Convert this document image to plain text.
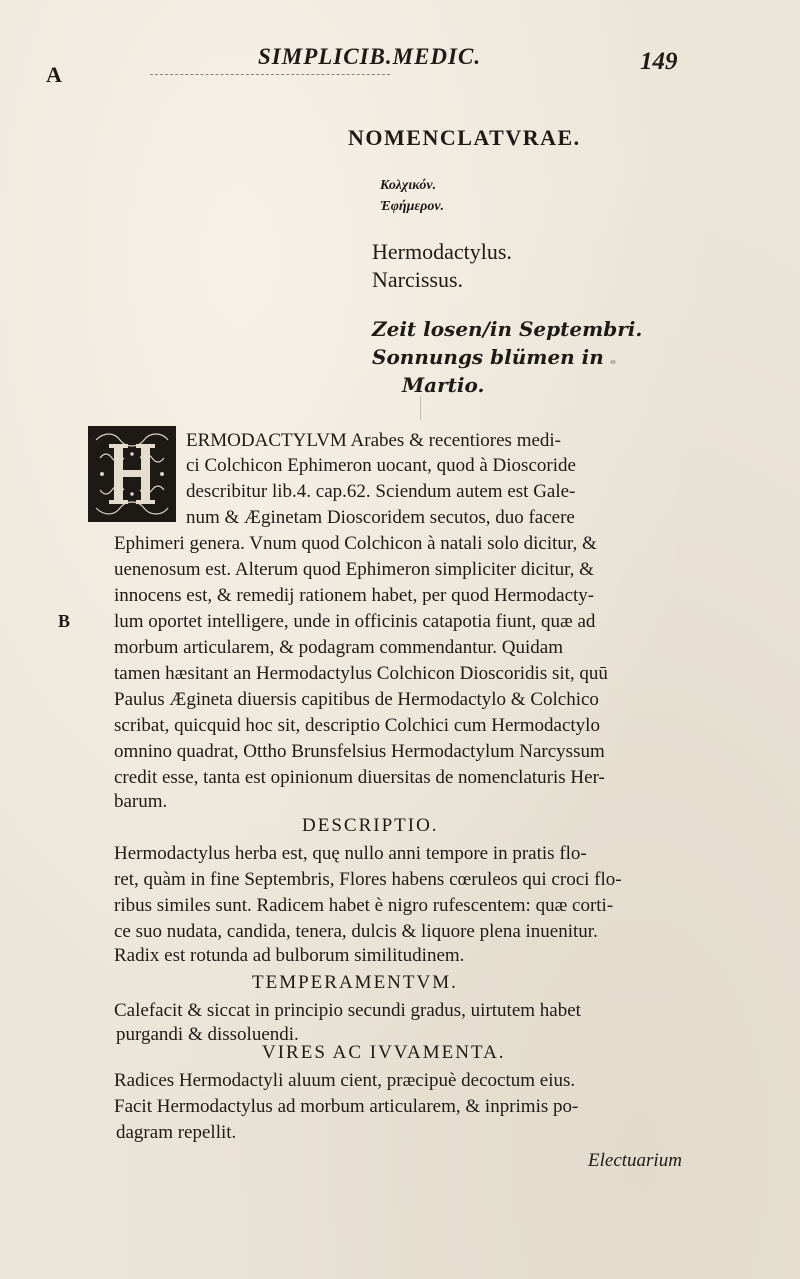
A
SIMPLICIB.MEDIC.	149
NOMENCLATVRAE.
Κολχικόν.
Ἐφήμερον.
Hermodactylus.
Narcissus.
Zeit losen/in Septembri.
Sonnungs blümen in
Martio.
ERMODACTYLVM Arabes & recentiores medi-
ci Colchicon Ephimeron uocant, quod à Dioscoride
describitur lib.4. cap.62. Sciendum autem est Gale-
num & Æginetam Dioscoridem secutos, duo facere
Ephimeri genera. Vnum quod Colchicon à natali solo dicitur, &
uenenosum est. Alterum quod Ephimeron simpliciter dicitur, &
innocens est, & remedij rationem habet, per quod Hermodacty-
B lum oportet intelligere, unde in officinis catapotia fiunt, quæ ad
morbum articularem, & podagram commendantur. Quidam
tamen hæsitant an Hermodactylus Colchicon Dioscoridis sit, quū
Paulus Ægineta diuersis capitibus de Hermodactylo & Colchico
scribat, quicquid hoc sit, descriptio Colchici cum Hermodactylo
omnino quadrat, Ottho Brunsfelsius Hermodactylum Narcyssum
credit esse, tanta est opinionum diuersitas de nomenclaturis Her-
barum.
DESCRIPTIO.
Hermodactylus herba est, quę nullo anni tempore in pratis flo-
ret, quàm in fine Septembris, Flores habens cœruleos qui croci flo-
ribus similes sunt. Radicem habet è nigro rufescentem: quæ corti-
ce suo nudata, candida, tenera, dulcis & liquore plena inuenitur.
Radix est rotunda ad bulborum similitudinem.
TEMPERAMENTVM.
Calefacit & siccat in principio secundi gradus, uirtutem habet
purgandi & dissoluendi.
VIRES AC IVVAMENTA.
Radices Hermodactyli aluum cient, præcipuè decoctum eius.
Facit Hermodactylus ad morbum articularem, & inprimis po-
dagram repellit.
Electuarium
